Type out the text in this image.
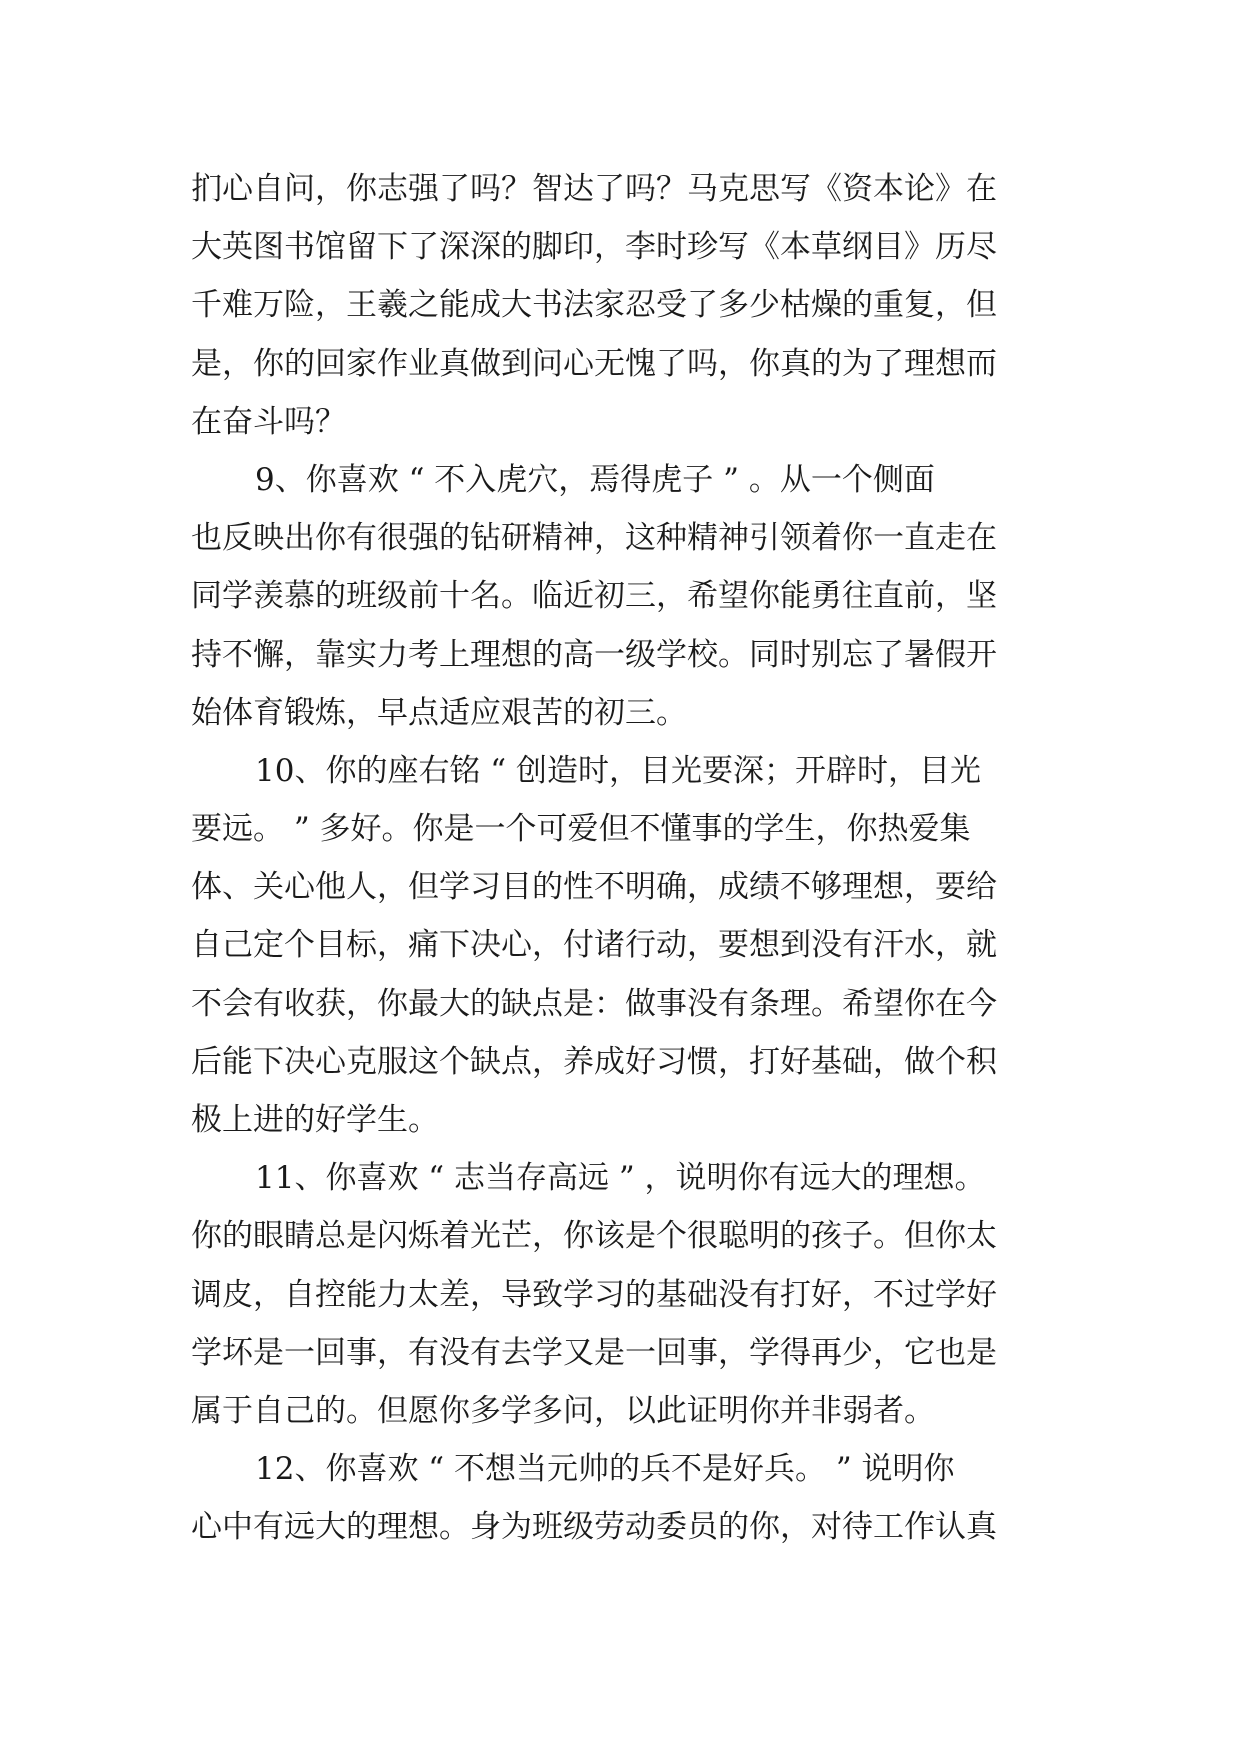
扪心自问，你志强了吗？智达了吗？马克思写《资本论》在
大英图书馆留下了深深的脚印，李时珍写《本草纲目》历尽
千难万险，王羲之能成大书法家忍受了多少枯燥的重复，但
是，你的回家作业真做到问心无愧了吗，你真的为了理想而
在奋斗吗？
9、你喜欢 “ 不入虎穴，焉得虎子 ” 。从一个侧面
也反映出你有很强的钻研精神，这种精神引领着你一直走在
同学羡慕的班级前十名。临近初三，希望你能勇往直前，坚
持不懈，靠实力考上理想的高一级学校。同时别忘了暑假开
始体育锻炼，早点适应艰苦的初三。
10、你的座右铭 “ 创造时，目光要深；开辟时，目光
要远。 ” 多好。你是一个可爱但不懂事的学生，你热爱集
体、关心他人，但学习目的性不明确，成绩不够理想，要给
自己定个目标，痛下决心，付诸行动，要想到没有汗水，就
不会有收获，你最大的缺点是：做事没有条理。希望你在今
后能下决心克服这个缺点，养成好习惯，打好基础，做个积
极上进的好学生。
11、你喜欢 “ 志当存高远 ” ，说明你有远大的理想。
你的眼睛总是闪烁着光芒，你该是个很聪明的孩子。但你太
调皮，自控能力太差，导致学习的基础没有打好，不过学好
学坏是一回事，有没有去学又是一回事，学得再少，它也是
属于自己的。但愿你多学多问，以此证明你并非弱者。
12、你喜欢 “ 不想当元帅的兵不是好兵。 ” 说明你
心中有远大的理想。身为班级劳动委员的你，对待工作认真
